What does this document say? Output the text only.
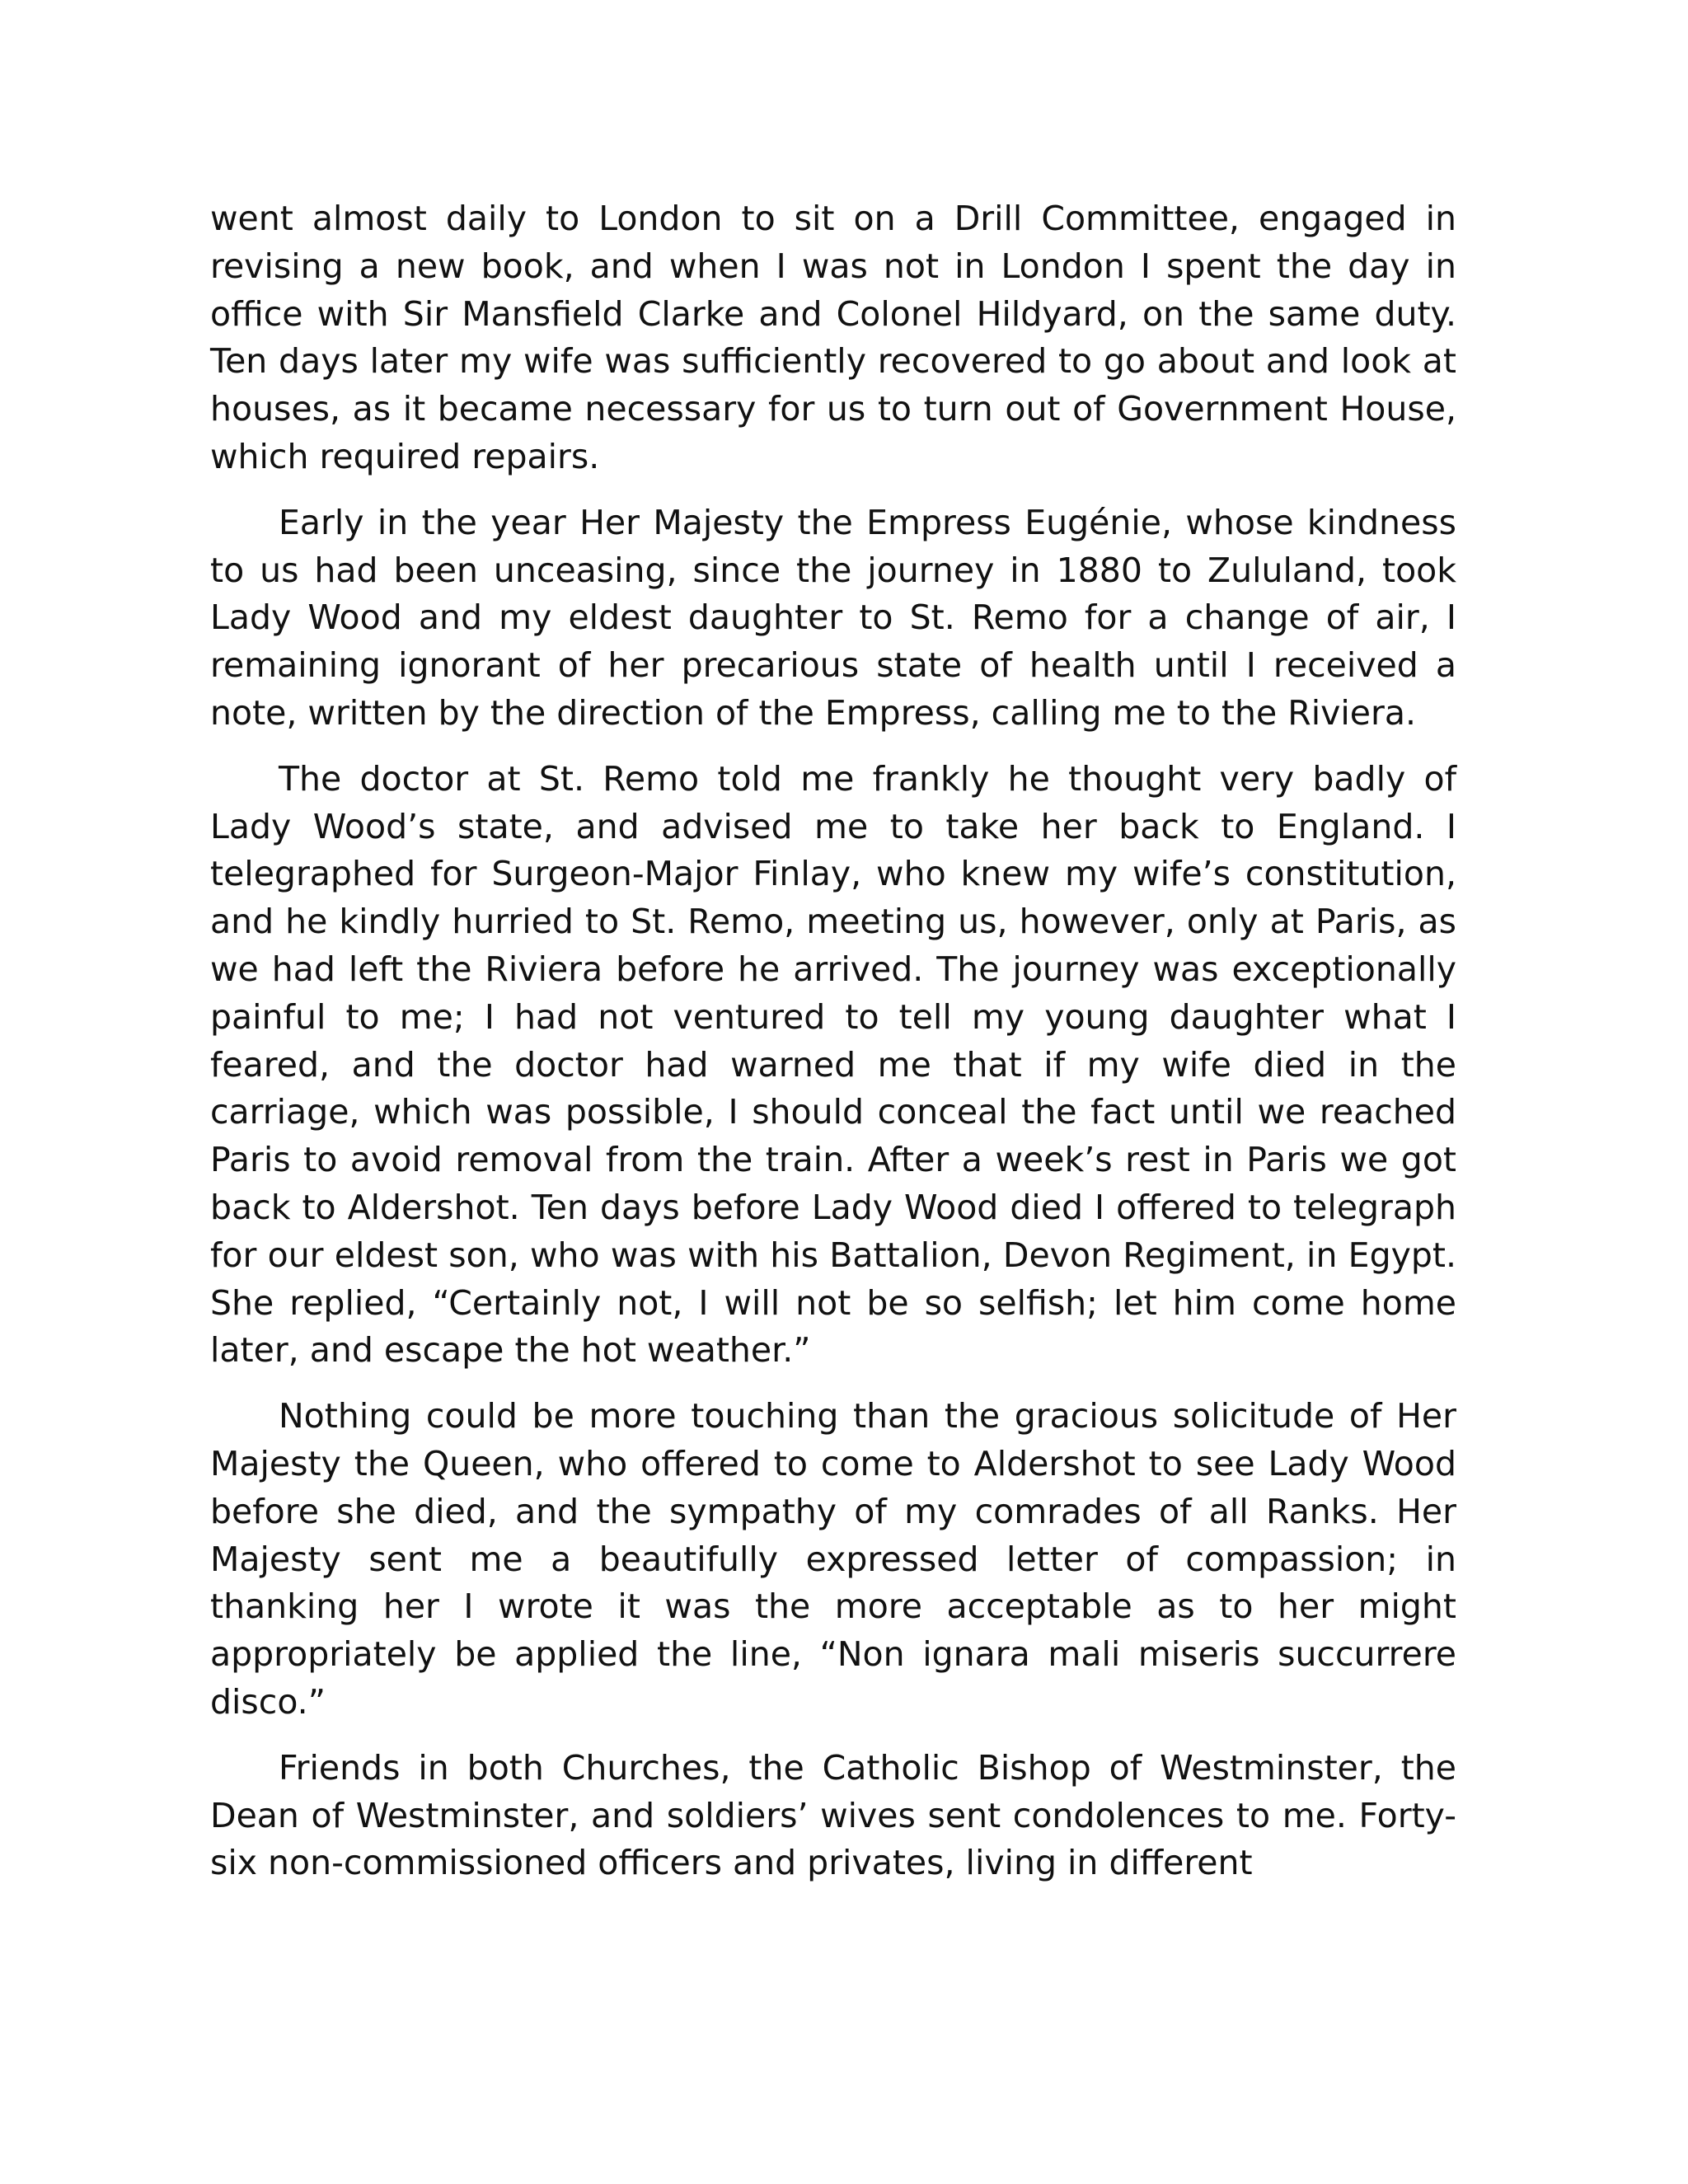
went almost daily to London to sit on a Drill Committee, engaged in revising a new book, and when I was not in London I spent the day in office with Sir Mansfield Clarke and Colonel Hildyard, on the same duty. Ten days later my wife was sufficiently recovered to go about and look at houses, as it became necessary for us to turn out of Government House, which required repairs.

Early in the year Her Majesty the Empress Eugénie, whose kindness to us had been unceasing, since the journey in 1880 to Zululand, took Lady Wood and my eldest daughter to St. Remo for a change of air, I remaining ignorant of her precarious state of health until I received a note, written by the direction of the Empress, calling me to the Riviera.

The doctor at St. Remo told me frankly he thought very badly of Lady Wood’s state, and advised me to take her back to England. I telegraphed for Surgeon-Major Finlay, who knew my wife’s constitution, and he kindly hurried to St. Remo, meeting us, however, only at Paris, as we had left the Riviera before he arrived. The journey was exceptionally painful to me; I had not ventured to tell my young daughter what I feared, and the doctor had warned me that if my wife died in the carriage, which was possible, I should conceal the fact until we reached Paris to avoid removal from the train. After a week’s rest in Paris we got back to Aldershot. Ten days before Lady Wood died I offered to telegraph for our eldest son, who was with his Battalion, Devon Regiment, in Egypt. She replied, “Certainly not, I will not be so selfish; let him come home later, and escape the hot weather.”

Nothing could be more touching than the gracious solicitude of Her Majesty the Queen, who offered to come to Aldershot to see Lady Wood before she died, and the sympathy of my comrades of all Ranks. Her Majesty sent me a beautifully expressed letter of compassion; in thanking her I wrote it was the more acceptable as to her might appropriately be applied the line, “Non ignara mali miseris succurrere disco.”

Friends in both Churches, the Catholic Bishop of Westminster, the Dean of Westminster, and soldiers’ wives sent condolences to me. Forty-six non-commissioned officers and privates, living in different
